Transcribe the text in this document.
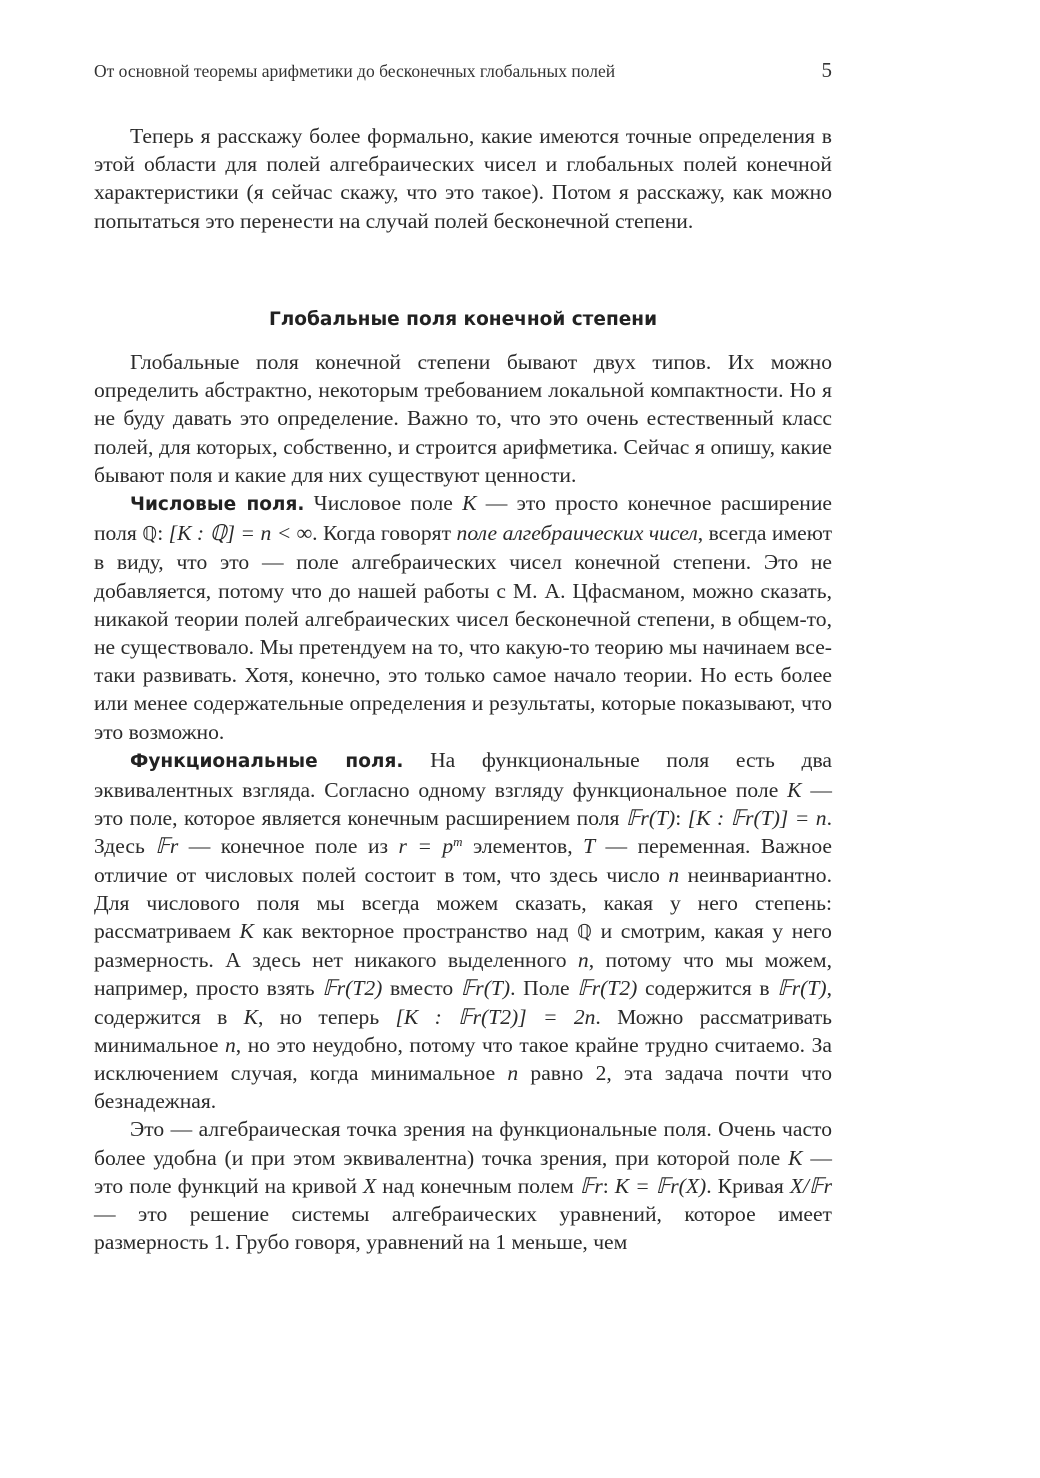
От основной теоремы арифметики до бесконечных глобальных полей	5

Теперь я расскажу более формально, какие имеются точные определения в этой области для полей алгебраических чисел и глобальных полей конечной характеристики (я сейчас скажу, что это такое). Потом я расскажу, как можно попытаться это перенести на случай полей бесконечной степени.

Глобальные поля конечной степени

Глобальные поля конечной степени бывают двух типов. Их можно определить абстрактно, некоторым требованием локальной компактности. Но я не буду давать это определение. Важно то, что это очень естественный класс полей, для которых, собственно, и строится арифметика. Сейчас я опишу, какие бывают поля и какие для них существуют ценности.

Числовые поля. Числовое поле K — это просто конечное расширение поля ℚ: [K : ℚ] = n < ∞. Когда говорят поле алгебраических чисел, всегда имеют в виду, что это — поле алгебраических чисел конечной степени. Это не добавляется, потому что до нашей работы с М. А. Цфасманом, можно сказать, никакой теории полей алгебраических чисел бесконечной степени, в общем-то, не существовало. Мы претендуем на то, что какую-то теорию мы начинаем все-таки развивать. Хотя, конечно, это только самое начало теории. Но есть более или менее содержательные определения и результаты, которые показывают, что это возможно.

Функциональные поля. На функциональные поля есть два эквивалентных взгляда. Согласно одному взгляду функциональное поле K — это поле, которое является конечным расширением поля 𝔽r(T): [K : 𝔽r(T)] = n. Здесь 𝔽r — конечное поле из $r = p^m$ элементов, T — переменная. Важное отличие от числовых полей состоит в том, что здесь число n неинвариантно. Для числового поля мы всегда можем сказать, какая у него степень: рассматриваем K как векторное пространство над ℚ и смотрим, какая у него размерность. А здесь нет никакого выделенного n, потому что мы можем, например, просто взять 𝔽r(T2) вместо 𝔽r(T). Поле 𝔽r(T2) содержится в 𝔽r(T), содержится в K, но теперь [K : 𝔽r(T2)] = 2n. Можно рассматривать минимальное n, но это неудобно, потому что такое крайне трудно считаемо. За исключением случая, когда минимальное n равно 2, эта задача почти что безнадежная.

Это — алгебраическая точка зрения на функциональные поля. Очень часто более удобна (и при этом эквивалентна) точка зрения, при которой поле K — это поле функций на кривой X над конечным полем 𝔽r: K = 𝔽r(X). Кривая X/𝔽r — это решение системы алгебраических уравнений, которое имеет размерность 1. Грубо говоря, уравнений на 1 меньше, чем
